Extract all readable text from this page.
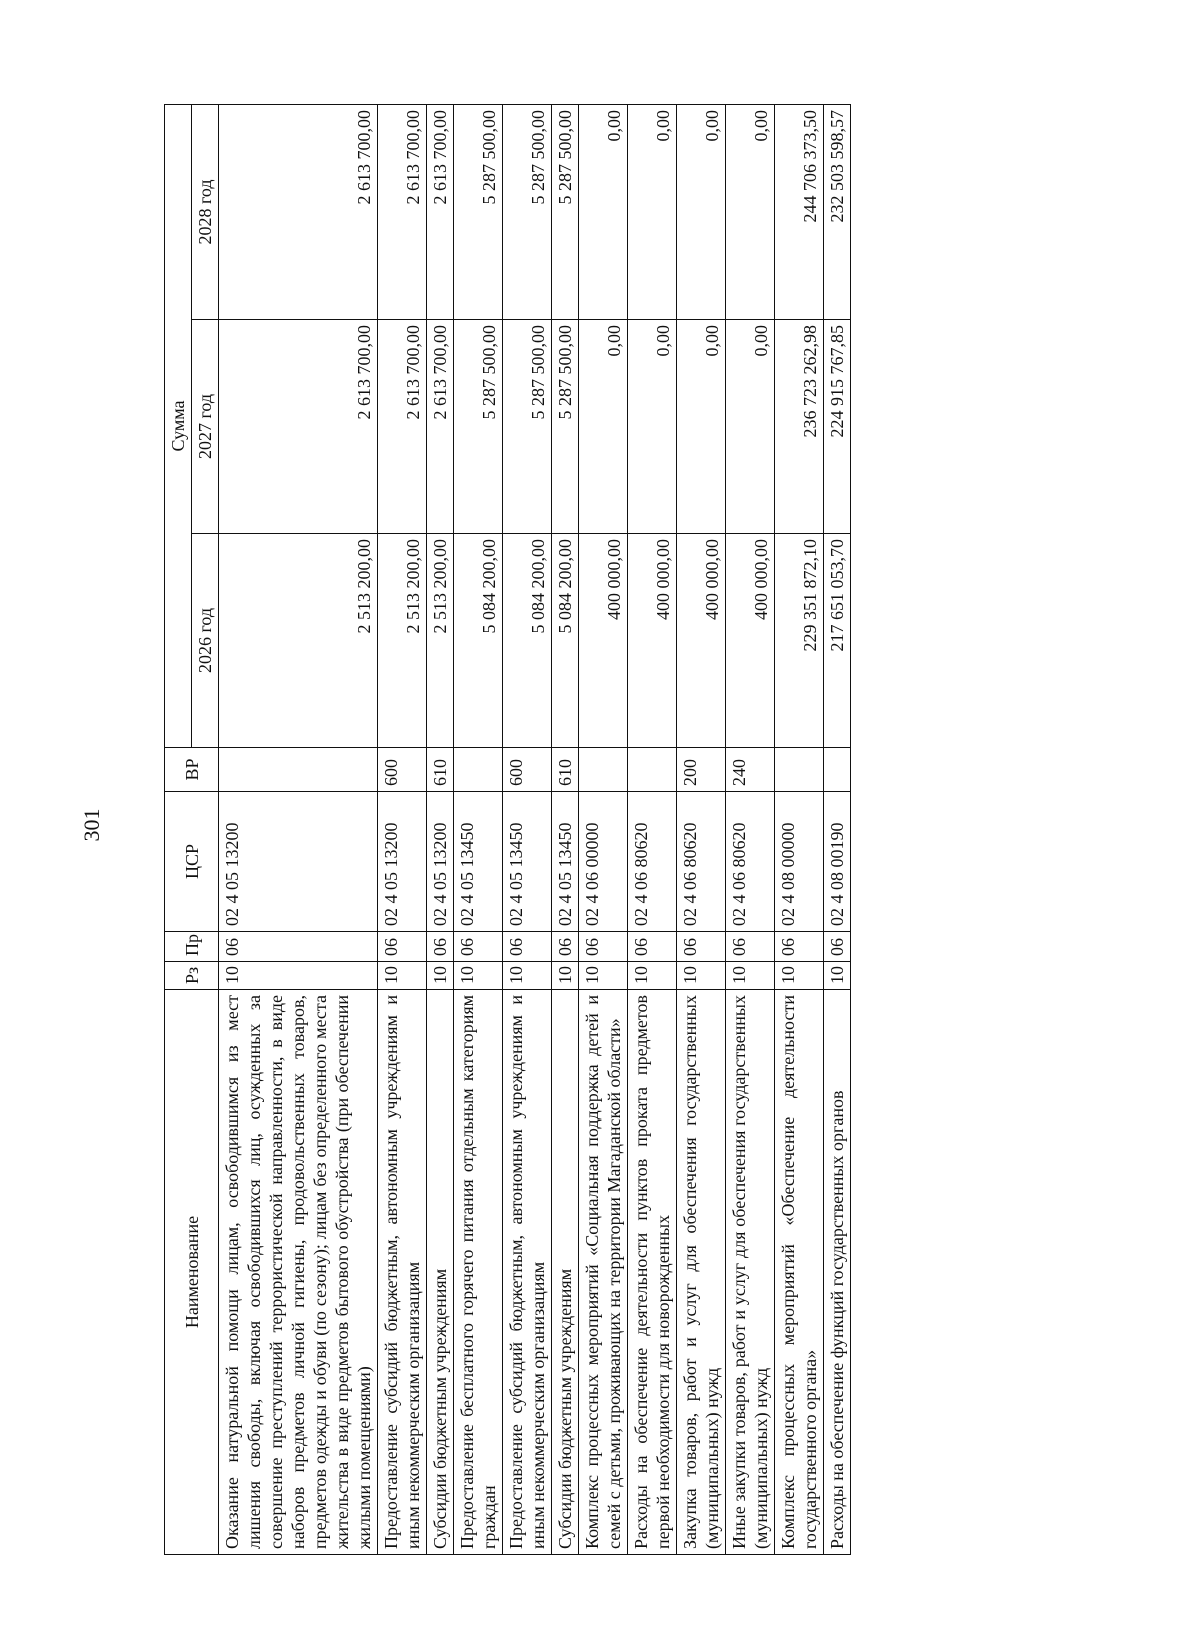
301
Наименование	Рз	Пр	ЦСР	ВР	Сумма		
					2026 год	2027 год	2028 год
Оказание натуральной помощи лицам, освободившимся из мест лишения свободы, включая освободившихся лиц, осужденных за совершение преступлений террористической направленности, в виде наборов предметов личной гигиены, продовольственных товаров, предметов одежды и обуви (по сезону); лицам без определенного места жительства в виде предметов бытового обустройства (при обеспечении жилыми помещениями)	10	06	02 4 05 13200		2 513 200,00	2 613 700,00	2 613 700,00
Предоставление субсидий бюджетным, автономным учреждениям и иным некоммерческим организациям	10	06	02 4 05 13200	600	2 513 200,00	2 613 700,00	2 613 700,00
Субсидии бюджетным учреждениям	10	06	02 4 05 13200	610	2 513 200,00	2 613 700,00	2 613 700,00
Предоставление бесплатного горячего питания отдельным категориям граждан	10	06	02 4 05 13450		5 084 200,00	5 287 500,00	5 287 500,00
Предоставление субсидий бюджетным, автономным учреждениям и иным некоммерческим организациям	10	06	02 4 05 13450	600	5 084 200,00	5 287 500,00	5 287 500,00
Субсидии бюджетным учреждениям	10	06	02 4 05 13450	610	5 084 200,00	5 287 500,00	5 287 500,00
Комплекс процессных мероприятий «Социальная поддержка детей и семей с детьми, проживающих на территории Магаданской области»	10	06	02 4 06 00000		400 000,00	0,00	0,00
Расходы на обеспечение деятельности пунктов проката предметов первой необходимости для новорожденных	10	06	02 4 06 80620		400 000,00	0,00	0,00
Закупка товаров, работ и услуг для обеспечения государственных (муниципальных) нужд	10	06	02 4 06 80620	200	400 000,00	0,00	0,00
Иные закупки товаров, работ и услуг для обеспечения государственных (муниципальных) нужд	10	06	02 4 06 80620	240	400 000,00	0,00	0,00
Комплекс процессных мероприятий «Обеспечение деятельности государственного органа»	10	06	02 4 08 00000		229 351 872,10	236 723 262,98	244 706 373,50
Расходы на обеспечение функций государственных органов	10	06	02 4 08 00190		217 651 053,70	224 915 767,85	232 503 598,57
